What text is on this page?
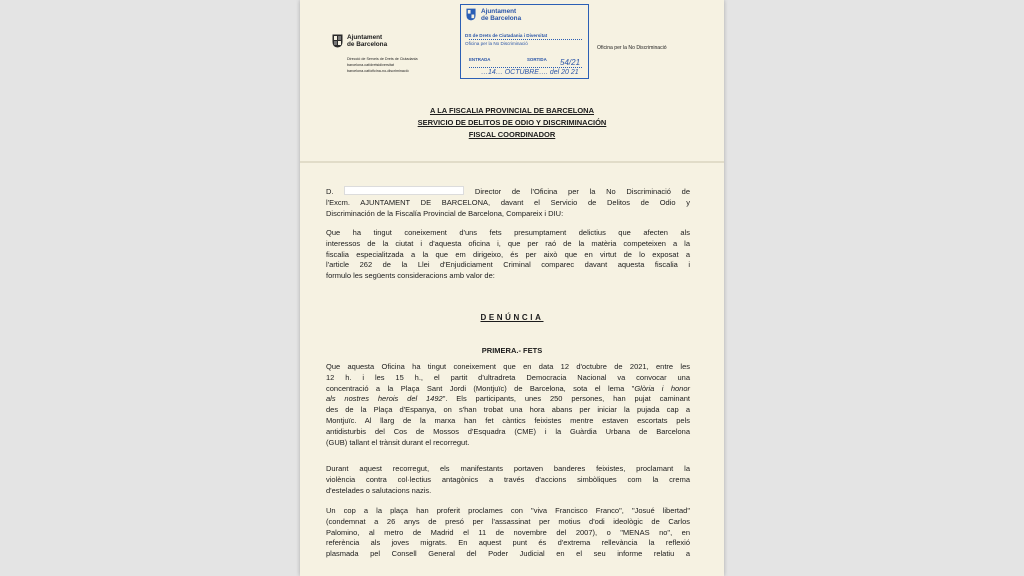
Ajuntament
de Barcelona
Direcció de Serveis de Drets de Ciutadania
barcelona.cat/dretsidiversitat
barcelona.cat/oficina-no-discriminació
Ajuntament
de Barcelona
DS de Drets de Ciutadania i Diversitat
Oficina per la No Discriminació
ENTRADA	SORTIDA 54/21
…14… OCTUBRE…. del 20 21
Oficina per la No Discriminació
A LA FISCALIA PROVINCIAL DE BARCELONA
SERVICIO DE DELITOS DE ODIO Y DISCRIMINACIÓN
FISCAL COORDINADOR
D.	Director de l'Oficina per la No Discriminació de
l'Excm. AJUNTAMENT DE BARCELONA, davant el Servicio de Delitos de Odio y
Discriminación de la Fiscalía Provincial de Barcelona, Compareix i DIU:
Que ha tingut coneixement d'uns fets presumptament delictius que afecten als
interessos de la ciutat i d'aquesta oficina i, que per raó de la matèria competeixen a la
fiscalia especialitzada a la que em dirigeixo, és per això que en virtut de lo exposat a
l'article 262 de la Llei d'Enjudiciament Criminal comparec davant aquesta fiscalia i
formulo les següents consideracions amb valor de:
DENÚNCIA
PRIMERA.- FETS
Que aquesta Oficina ha tingut coneixement que en data 12 d'octubre de 2021, entre les
12 h. i les 15 h., el partit d'ultradreta Democracia Nacional va convocar una
concentració a la Plaça Sant Jordi (Montjuïc) de Barcelona, sota el lema "Glòria i honor
als nostres herois del 1492". Els participants, unes 250 persones, han pujat caminant
des de la Plaça d'Espanya, on s'han trobat una hora abans per iniciar la pujada cap a
Montjuïc. Al llarg de la marxa han fet càntics feixistes mentre estaven escortats pels
antidisturbis del Cos de Mossos d'Esquadra (CME) i la Guàrdia Urbana de Barcelona
(GUB) tallant el trànsit durant el recorregut.
Durant aquest recorregut, els manifestants portaven banderes feixistes, proclamant la
violència contra col·lectius antagònics a través d'accions simbòliques com la crema
d'estelades o salutacions nazis.
Un cop a la plaça han proferit proclames con "viva Francisco Franco", "Josué libertad"
(condemnat a 26 anys de presó per l'assassinat per motius d'odi ideològic de Carlos
Palomino, al metro de Madrid el 11 de novembre del 2007), o "MENAS no", en
referència als joves migrats. En aquest punt és d'extrema rellevància la reflexió
plasmada pel Consell General del Poder Judicial en el seu informe relatiu a
